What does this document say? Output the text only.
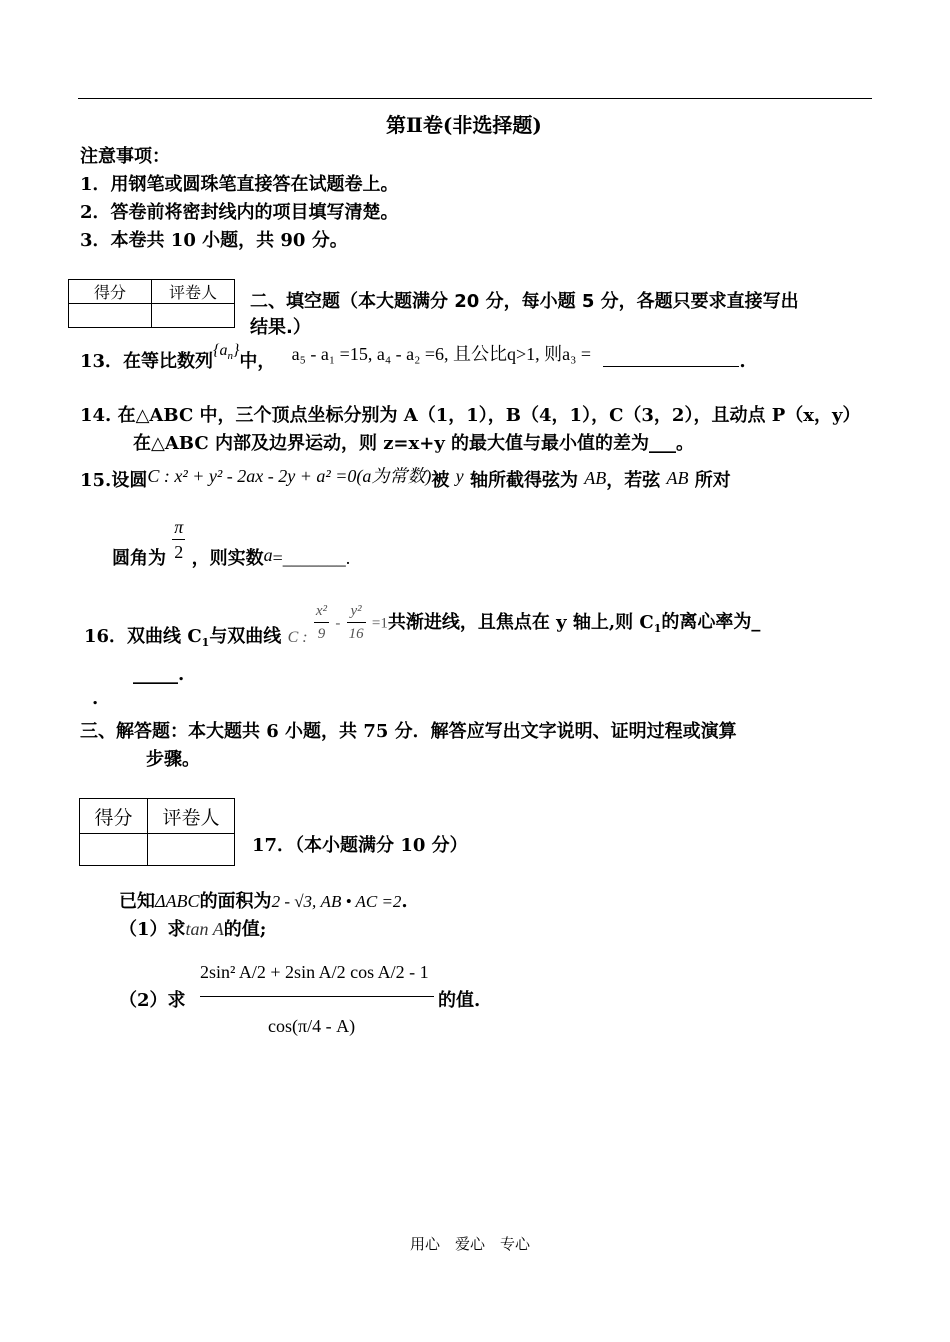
第Ⅱ卷(非选择题)
注意事项：
1．用钢笔或圆珠笔直接答在试题卷上。
2．答卷前将密封线内的项目填写清楚。
3．本卷共 10 小题，共 90 分。
得分	评卷人
	二、填空题（本大题满分 20 分，每小题 5 分，各题只要求直接写出
结果.）
13．在等比数列$\{a_n\}$中， a₅ - a₁ =15, a₄ - a₂ =6, 且公比q>1, 则a₃ =	.
14. 在△ABC 中，三个顶点坐标分别为 A（1，1），B（4，1），C（3，2），且动点 P（x，y）
在△ABC 内部及边界运动，则 z=x+y 的最大值与最小值的差为___。
15.设圆C : x² + y² - 2ax - 2y + a² =0(a为常数)被 y 轴所截得弦为 AB，若弦 AB 所对
圆角为 $\frac{\pi}{2}$ ，则实数a=_______.
16．双曲线 $C_1$与双曲线 C : $\frac{\text{x²}}{9} - \frac{\text{y²}}{16} =1$共渐进线，且焦点在 y 轴上,则 $C_1$的离心率为_
_____.
.
三、解答题：本大题共 6 小题，共 75 分．解答应写出文字说明、证明过程或演算
步骤。
得分	评卷人

17．（本小题满分 10 分）
已知ΔABC的面积为2 - √3, AB • AC =2.
（1）求tan A的值;
（2）求
2sin² A/2 + 2sin A/2 cos A/2 - 1
cos(π/4 - A)
的值.
用心　爱心　专心
